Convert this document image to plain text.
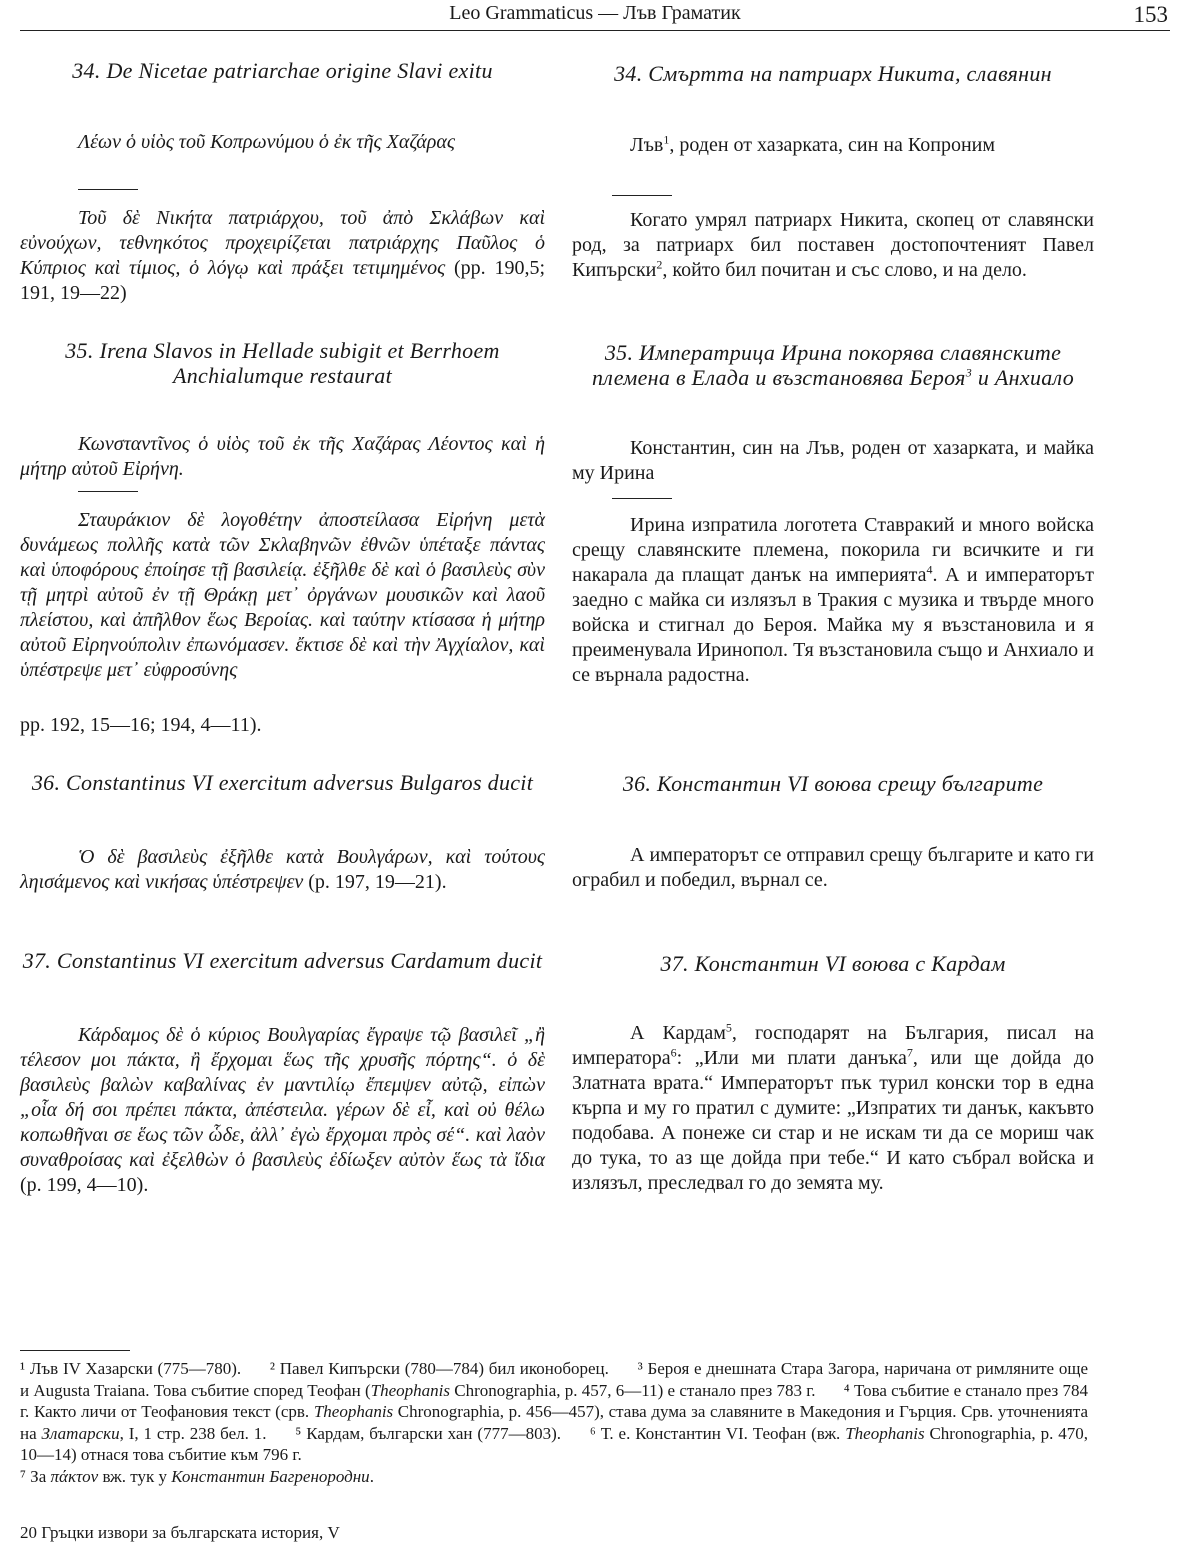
Leo Grammaticus — Лъв Граматик	153
34. De Nicetae patriarchae origine Slavi exitu
Λέων ὁ υἱὸς τοῦ Κοπρωνύμου ὁ ἐκ τῆς Χαζάρας
Τοῦ δὲ Νικήτα πατριάρχου, τοῦ ἀπὸ Σκλάβων καὶ εὐνούχων, τεθνηκότος προχειρίζεται πατριάρχης Παῦλος ὁ Κύπριος καὶ τίμιος, ὁ λόγῳ καὶ πράξει τετιμημένος (pp. 190,5; 191, 19—22)
35. Irena Slavos in Hellade subigit et Berrhoem Anchialumque restaurat
Κωνσταντῖνος ὁ υἱὸς τοῦ ἐκ τῆς Χαζάρας Λέοντος καὶ ἡ μήτηρ αὐτοῦ Εἰρήνη.
Σταυράκιον δὲ λογοθέτην ἀποστείλασα Εἰρήνη μετὰ δυνάμεως πολλῆς κατὰ τῶν Σκλαβηνῶν ἐθνῶν ὑπέταξε πάντας καὶ ὑποφόρους ἐποίησε τῇ βασιλείᾳ. ἐξῆλθε δὲ καὶ ὁ βασιλεὺς σὺν τῇ μητρὶ αὐτοῦ ἐν τῇ Θράκῃ μετ᾿ ὀργάνων μουσικῶν καὶ λαοῦ πλείστου, καὶ ἀπῆλθον ἕως Βεροίας. καὶ ταύτην κτίσασα ἡ μήτηρ αὐτοῦ Εἰρηνούπολιν ἐπωνόμασεν. ἔκτισε δὲ καὶ τὴν Ἀγχίαλον, καὶ ὑπέστρεψε μετ᾿ εὐφροσύνης
pp. 192, 15—16; 194, 4—11).
36. Constantinus VI exercitum adversus Bulgaros ducit
Ὁ δὲ βασιλεὺς ἐξῆλθε κατὰ Βουλγάρων, καὶ τούτους ληισάμενος καὶ νικήσας ὑπέστρεψεν (p. 197, 19—21).
37. Constantinus VI exercitum adversus Cardamum ducit
Κάρδαμος δὲ ὁ κύριος Βουλγαρίας ἔγραψε τῷ βασιλεῖ „ἢ τέλεσον μοι πάκτα, ἢ ἔρχομαι ἕως τῆς χρυσῆς πόρτης“. ὁ δὲ βασιλεὺς βαλὼν καβαλίνας ἐν μαντιλίῳ ἔπεμψεν αὐτῷ, εἰπὼν „οἷα δή σοι πρέπει πάκτα, ἀπέστειλα. γέρων δὲ εἶ, καὶ οὐ θέλω κοπωθῆναι σε ἕως τῶν ὧδε, ἀλλ᾿ ἐγὼ ἔρχομαι πρὸς σέ“. καὶ λαὸν συναθροίσας καὶ ἐξελθὼν ὁ βασιλεὺς ἐδίωξεν αὐτὸν ἕως τὰ ἴδια (p. 199, 4—10).
34. Смъртта на патриарх Никита, славянин
Лъв$^1$, роден от хазарката, син на Копроним
Когато умрял патриарх Никита, скопец от славянски род, за патриарх бил поставен достопочтеният Павел Кипърски$^2$, който бил почитан и със слово, и на дело.
35. Императрица Ирина покорява славянските племена в Елада и възстановява Бероя$^3$ и Анхиало
Константин, син на Лъв, роден от хазарката, и майка му Ирина
Ирина изпратила логотета Ставракий и много войска срещу славянските племена, покорила ги всичките и ги накарала да плащат данък на империята$^4$. А и императорът заедно с майка си излязъл в Тракия с музика и твърде много войска и стигнал до Бероя. Майка му я възстановила и я преименувала Иринопол. Тя възстановила също и Анхиало и се върнала радостна.
36. Константин VI воюва срещу българите
А императорът се отправил срещу българите и като ги ограбил и победил, върнал се.
37. Константин VI воюва с Кардам
А Кардам$^5$, господарят на България, писал на императора$^6$: „Или ми плати данъка$^7$, или ще дойда до Златната врата.“ Императорът пък турил конски тор в една кърпа и му го пратил с думите: „Изпратих ти данък, какъвто подобава. А понеже си стар и не искам ти да се мориш чак до тука, то аз ще дойда при тебе.“ И като събрал войска и излязъл, преследвал го до земята му.
¹ Лъв IV Хазарски (775—780). ² Павел Кипърски (780—784) бил иконоборец. ³ Бероя е днешната Стара Загора, наричана от римляните още и Augusta Traiana. Това събитие според Теофан (Theophanis Chronographia, p. 457, 6—11) е станало през 783 г. ⁴ Това събитие е станало през 784 г. Както личи от Теофановия текст (срв. Theophanis Chronographia, p. 456—457), става дума за славяните в Македония и Гърция. Срв. уточненията на Златарски, I, 1 стр. 238 бел. 1. ⁵ Кардам, български хан (777—803). ⁶ Т. е. Константин VI. Теофан (вж. Theophanis Chronographia, p. 470, 10—14) отнася това събитие към 796 г.
⁷ За πάκτον вж. тук у Константин Багренородни.
20 Гръцки извори за българската история, V
